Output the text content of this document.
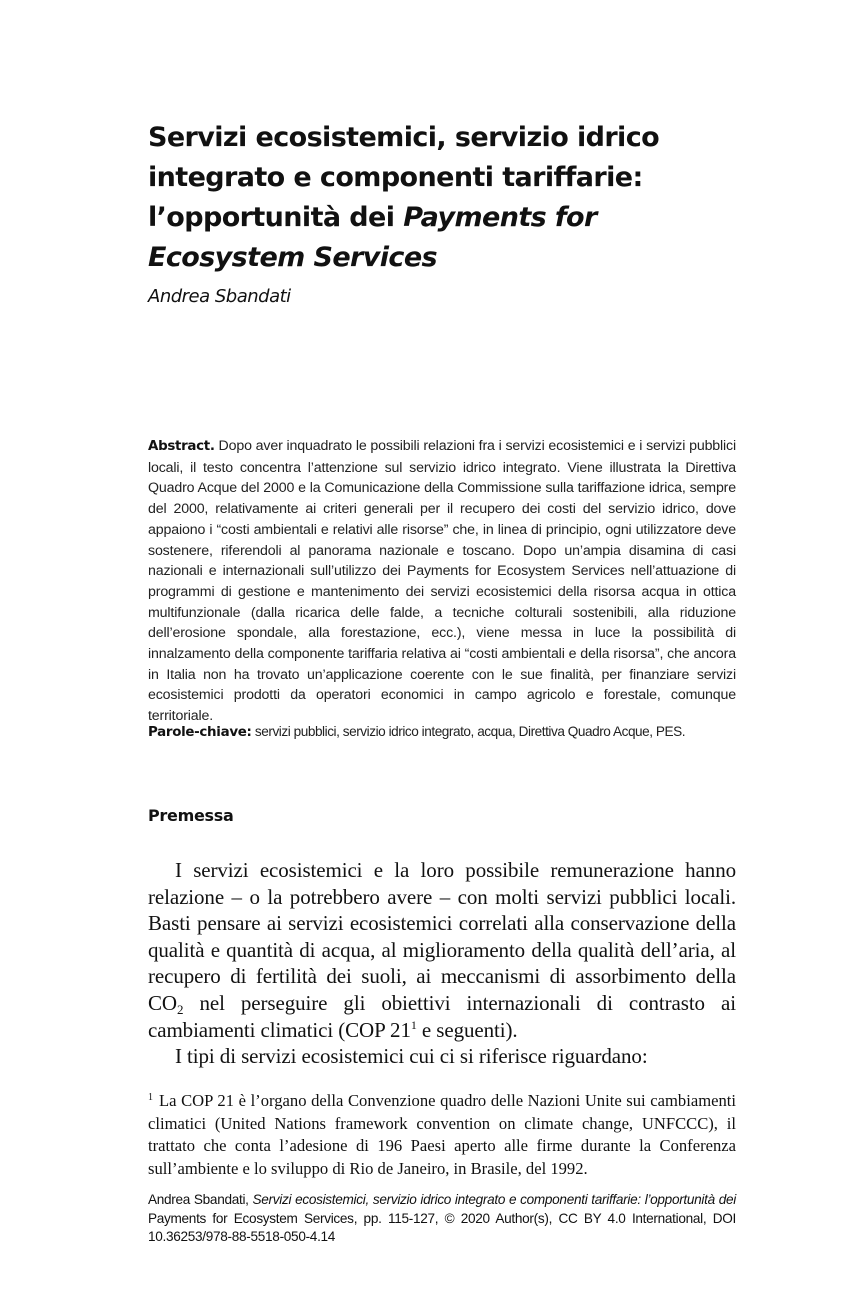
Servizi ecosistemici, servizio idrico integrato e componenti tariffarie: l’opportunità dei Payments for Ecosystem Services
Andrea Sbandati

Abstract. Dopo aver inquadrato le possibili relazioni fra i servizi ecosistemici e i servizi pubblici locali, il testo concentra l’attenzione sul servizio idrico integrato. Viene illustrata la Direttiva Quadro Acque del 2000 e la Comunicazione della Commissione sulla tariffazione idrica, sempre del 2000, relativamente ai criteri generali per il recupero dei costi del servizio idrico, dove appaiono i “costi ambientali e relativi alle risorse” che, in linea di principio, ogni utilizzatore deve sostenere, riferendoli al panorama nazionale e toscano. Dopo un’ampia disamina di casi nazionali e internazionali sull’utilizzo dei Payments for Ecosystem Services nell’attuazione di programmi di gestione e mantenimento dei servizi ecosistemici della risorsa acqua in ottica multifunzionale (dalla ricarica delle falde, a tecniche colturali sostenibili, alla riduzione dell’erosione spondale, alla forestazione, ecc.), viene messa in luce la possibilità di innalzamento della componente tariffaria relativa ai “costi ambientali e della risorsa”, che ancora in Italia non ha trovato un’applicazione coerente con le sue finalità, per finanziare servizi ecosistemici prodotti da operatori economici in campo agricolo e forestale, comunque territoriale.

Parole-chiave: servizi pubblici, servizio idrico integrato, acqua, Direttiva Quadro Acque, PES.

Premessa

I servizi ecosistemici e la loro possibile remunerazione hanno relazione – o la potrebbero avere – con molti servizi pubblici locali. Basti pensare ai servizi ecosistemici correlati alla conservazione della qualità e quantità di acqua, al miglioramento della qualità dell’aria, al recupero di fertilità dei suoli, ai meccanismi di assorbimento della $CO_2$ nel perseguire gli obiettivi internazionali di contrasto ai cambiamenti climatici (COP $21^1$ e seguenti).

I tipi di servizi ecosistemici cui ci si riferisce riguardano:

$^1$ La COP 21 è l’organo della Convenzione quadro delle Nazioni Unite sui cambiamenti climatici (United Nations framework convention on climate change, UNFCCC), il trattato che conta l’adesione di 196 Paesi aperto alle firme durante la Conferenza sull’ambiente e lo sviluppo di Rio de Janeiro, in Brasile, del 1992.

Andrea Sbandati, Servizi ecosistemici, servizio idrico integrato e componenti tariffarie: l’opportunità dei Payments for Ecosystem Services, pp. 115-127, © 2020 Author(s), CC BY 4.0 International, DOI 10.36253/978-88-5518-050-4.14
